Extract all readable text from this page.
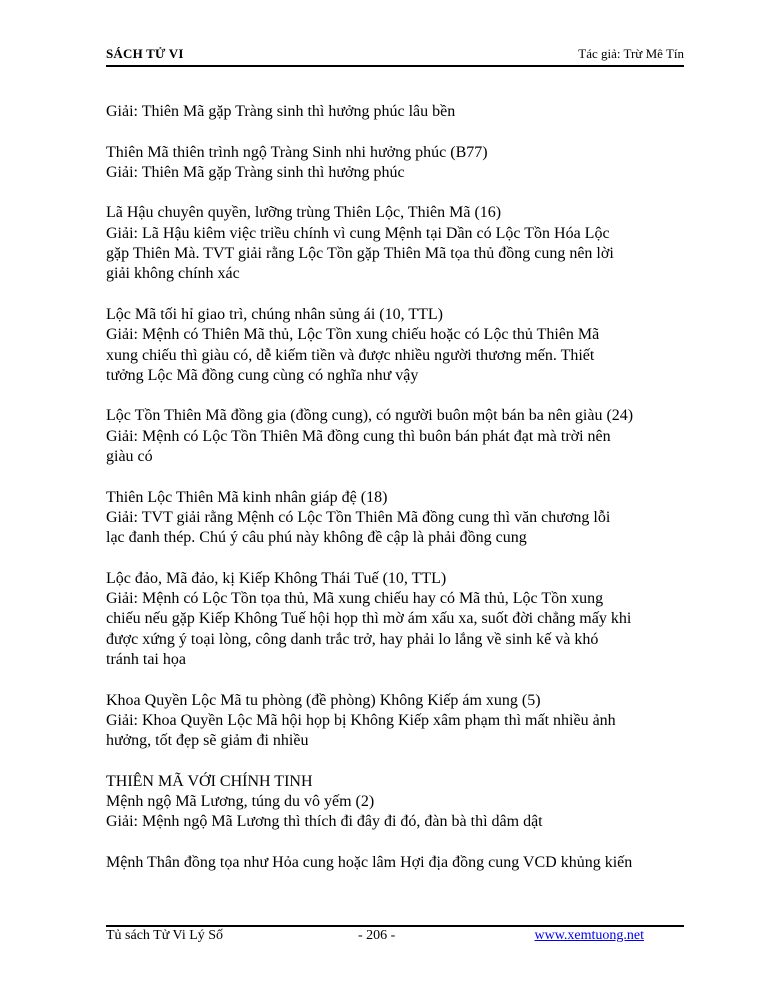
SÁCH TỬ VI	Tác giả: Trừ Mê Tín

Giải: Thiên Mã gặp Tràng sinh thì hưởng phúc lâu bền

Thiên Mã thiên trình ngộ Tràng Sinh nhi hưởng phúc (B77)

Giải: Thiên Mã gặp Tràng sinh thì hưởng phúc

Lã Hậu chuyên quyền, lưỡng trùng Thiên Lộc, Thiên Mã (16)

Giải: Lã Hậu kiêm việc triều chính vì cung Mệnh tại Dần có Lộc Tồn Hóa Lộc

gặp Thiên Mà. TVT giải rằng Lộc Tồn gặp Thiên Mã tọa thủ đồng cung nên lời

giải không chính xác

Lộc Mã tối hỉ giao trì, chúng nhân sủng ái (10, TTL)

Giải: Mệnh có Thiên Mã thủ, Lộc Tồn xung chiếu hoặc có Lộc thủ Thiên Mã

xung chiếu thì giàu có, dễ kiếm tiền và được nhiều người thương mến. Thiết

tưởng Lộc Mã đồng cung cùng có nghĩa như vậy

Lộc Tồn Thiên Mã đồng gia (đồng cung), có người buôn một bán ba nên giàu (24)

Giải: Mệnh có Lộc Tồn Thiên Mã đồng cung thì buôn bán phát đạt mà trời nên

giàu có

Thiên Lộc Thiên Mã kinh nhân giáp đệ (18)

Giải: TVT giải rằng Mệnh có Lộc Tồn Thiên Mã đồng cung thì văn chương lỗi

lạc đanh thép. Chú ý câu phú này không đề cập là phải đồng cung

Lộc đảo, Mã đảo, kị Kiếp Không Thái Tuế (10, TTL)

Giải: Mệnh có Lộc Tồn tọa thủ, Mã xung chiếu hay có Mã thủ, Lộc Tồn xung

chiếu nếu gặp Kiếp Không Tuế hội họp thì mờ ám xấu xa, suốt đời chẳng mấy khi

được xứng ý toại lòng, công danh trắc trở, hay phải lo lắng về sinh kế và khó

tránh tai họa

Khoa Quyền Lộc Mã tu phòng (đề phòng) Không Kiếp ám xung (5)

Giải: Khoa Quyền Lộc Mã hội họp bị Không Kiếp xâm phạm thì mất nhiều ảnh

hưởng, tốt đẹp sẽ giảm đi nhiều

THIÊN MÃ VỚI CHÍNH TINH

Mệnh ngộ Mã Lương, túng du vô yếm (2)

Giải: Mệnh ngộ Mã Lương thì thích đi đây đi đó, đàn bà thì dâm dật

Mệnh Thân đồng tọa như Hỏa cung hoặc lâm Hợi địa đồng cung VCD khủng kiến

Tủ sách Tử Vi Lý Số	- 206 -	www.xemtuong.net
